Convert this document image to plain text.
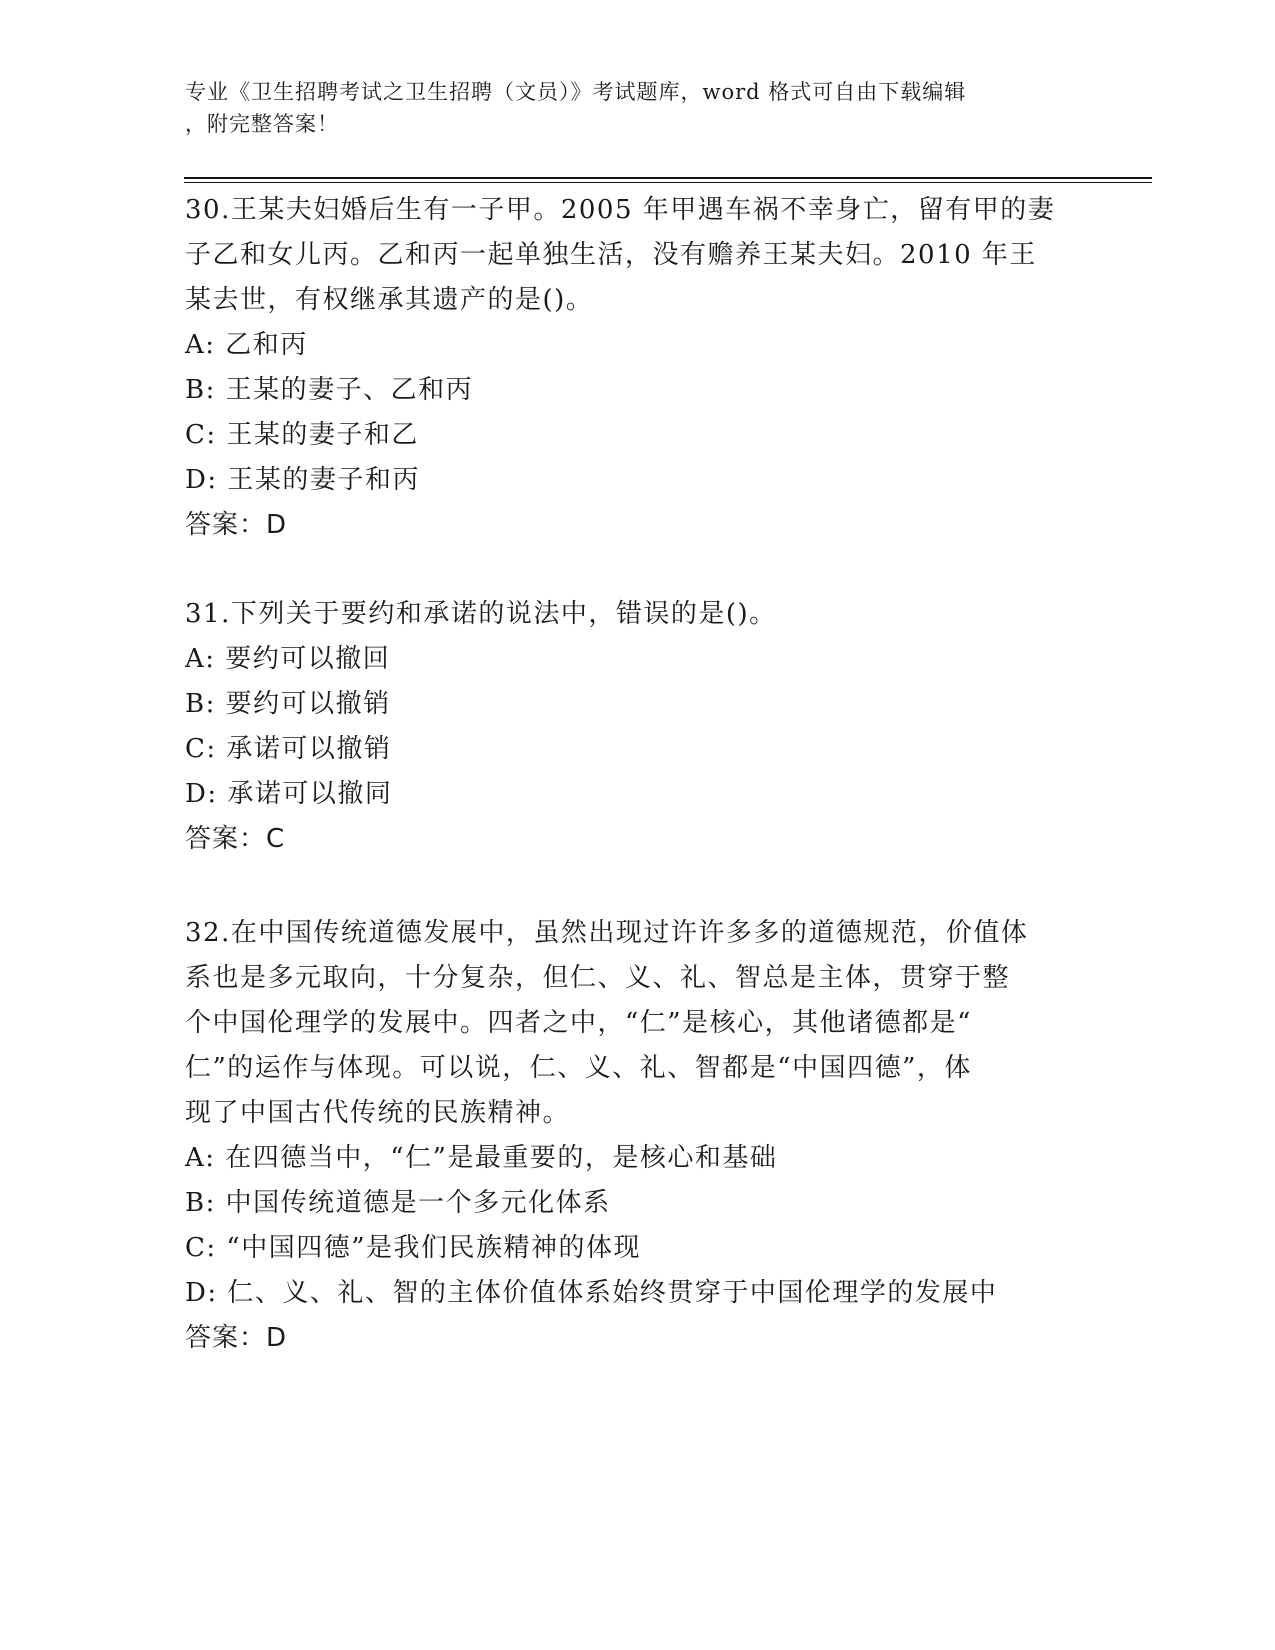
专业《卫生招聘考试之卫生招聘（文员）》考试题库，word 格式可自由下载编辑
，附完整答案！
30.王某夫妇婚后生有一子甲。2005 年甲遇车祸不幸身亡，留有甲的妻
子乙和女儿丙。乙和丙一起单独生活，没有赡养王某夫妇。2010 年王
某去世，有权继承其遗产的是()。
A: 乙和丙
B: 王某的妻子、乙和丙
C: 王某的妻子和乙
D: 王某的妻子和丙
答案：D
31.下列关于要约和承诺的说法中，错误的是()。
A: 要约可以撤回
B: 要约可以撤销
C: 承诺可以撤销
D: 承诺可以撤同
答案：C
32.在中国传统道德发展中，虽然出现过许许多多的道德规范，价值体
系也是多元取向，十分复杂，但仁、义、礼、智总是主体，贯穿于整
个中国伦理学的发展中。四者之中，“仁”是核心，其他诸德都是“
仁”的运作与体现。可以说，仁、义、礼、智都是“中国四德”，体
现了中国古代传统的民族精神。
A: 在四德当中，“仁”是最重要的，是核心和基础
B: 中国传统道德是一个多元化体系
C: “中国四德”是我们民族精神的体现
D: 仁、义、礼、智的主体价值体系始终贯穿于中国伦理学的发展中
答案：D
